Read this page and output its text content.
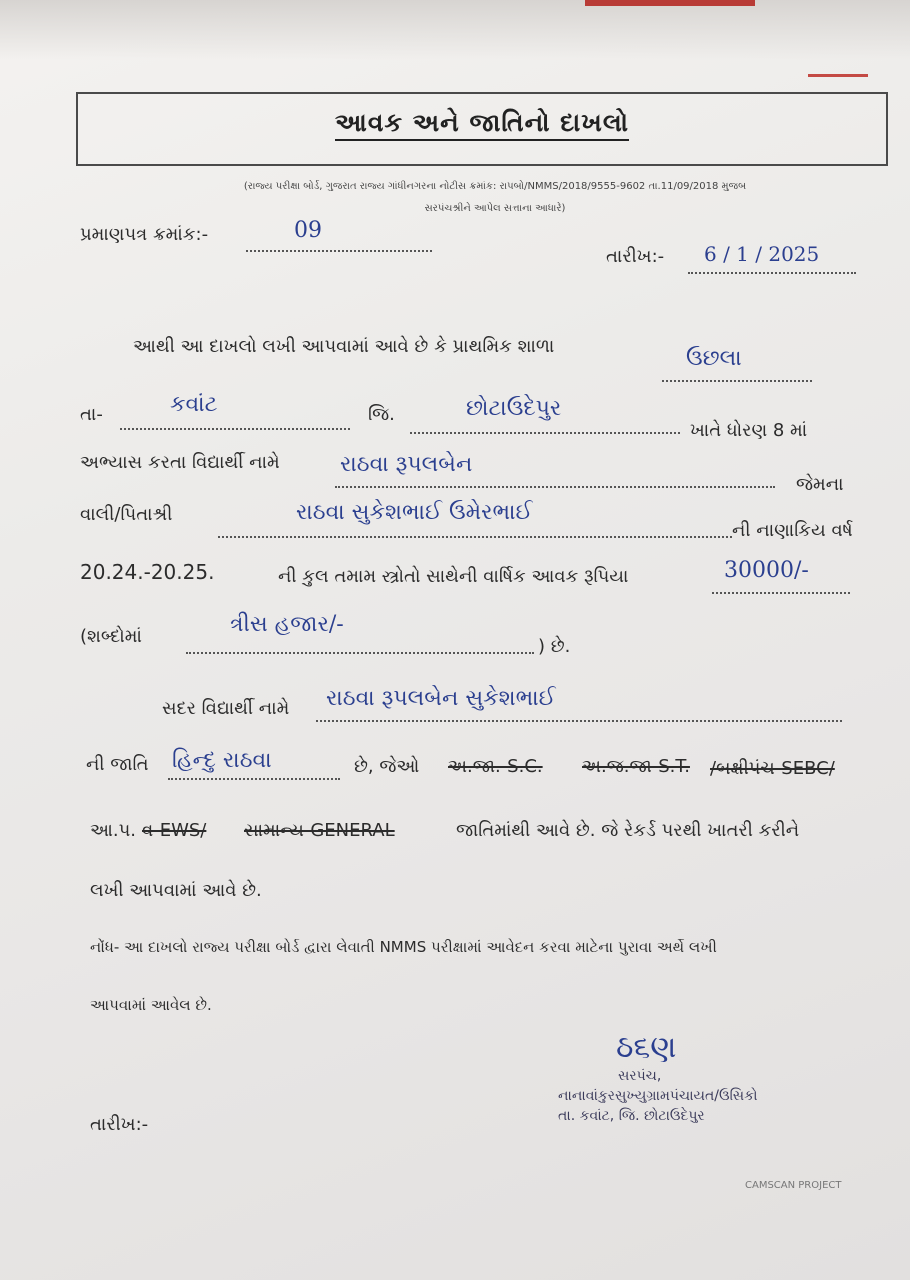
આવક અને જાતિનો દાખલો
(રાજ્ય પરીક્ષા બોર્ડ, ગુજરાત રાજ્ય ગાંધીનગરના નોટીસ ક્રમાંક: રાપબો/NMMS/2018/9555-9602 તા.11/09/2018 મુજબ
સરપંચશ્રીને આપેલ સત્તાના આધારે)
પ્રમાણપત્ર ક્રમાંક:-	09
તારીખ:- 6 / 1 / 2025
આથી આ દાખલો લખી આપવામાં આવે છે કે પ્રાથમિક શાળા	ઉછલા
તા-	કવાંટ	જિ.	છોટાઉદેપુર
ખાતે ધોરણ 8 માં
અભ્યાસ કરતા વિદ્યાર્થી નામે	રાઠવા રૂપલબેન
જેમના
વાલી/પિતાશ્રી	રાઠવા સુકેશભાઈ ઉમેરભાઈ
ની નાણાકિય વર્ષ
20.24.-20.25.	ની કુલ તમામ સ્ત્રોતો સાથેની વાર્ષિક આવક રૂપિયા	30000/-
(શબ્દોમાં	ત્રીસ હજાર/-
) છે.
સદર વિદ્યાર્થી નામે રાઠવા રૂપલબેન સુકેશભાઈ
ની જાતિ હિન્દુ રાઠવા	છે, જેઓ અ.જા.-S.C. અ.જ.જા-S.T. /બક્ષીપંચ-SEBC/
આ.પ. વ-EWS/ સામાન્ય-GENERAL	જાતિમાંથી આવે છે. જે રેકર્ડ પરથી ખાતરી કરીને
લખી આપવામાં આવે છે.
નોંધ- આ દાખલો રાજ્ય પરીક્ષા બોર્ડ દ્વારા લેવાતી NMMS પરીક્ષામાં આવેદન કરવા માટેના પુરાવા અર્થે લખી
આપવામાં આવેલ છે.
ઠ૬ણ
સરપંચ,
નાનાવાંકુરસુખ્યુગ્રામપંચાયત/ઉસિકો
તા. કવાંટ, જિ. છોટાઉદેપુર
તારીખ:-
CAMSCAN PROJECT
